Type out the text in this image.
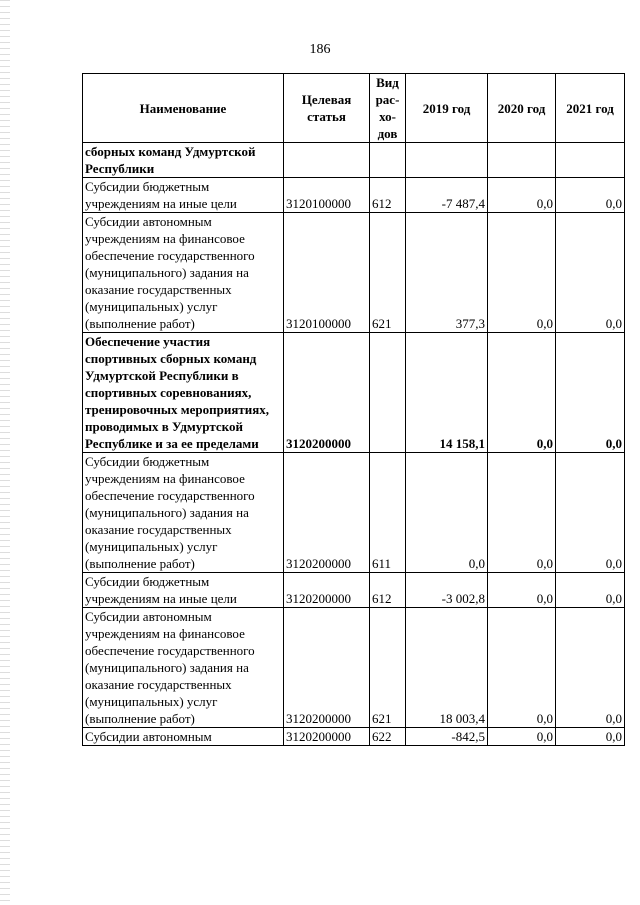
186
Наименование	Целевая статья	Вид рас-хо-дов	2019 год	2020 год	2021 год
сборных команд Удмуртской Республики					
Субсидии бюджетным учреждениям на иные цели	3120100000	612	-7 487,4	0,0	0,0
Субсидии автономным учреждениям на финансовое обеспечение государственного (муниципального) задания на оказание государственных (муниципальных) услуг (выполнение работ)	3120100000	621	377,3	0,0	0,0
Обеспечение участия спортивных сборных команд Удмуртской Республики в спортивных соревнованиях, тренировочных мероприятиях, проводимых в Удмуртской Республике и за ее пределами	3120200000		14 158,1	0,0	0,0
Субсидии бюджетным учреждениям на финансовое обеспечение государственного (муниципального) задания на оказание государственных (муниципальных) услуг (выполнение работ)	3120200000	611	0,0	0,0	0,0
Субсидии бюджетным учреждениям на иные цели	3120200000	612	-3 002,8	0,0	0,0
Субсидии автономным учреждениям на финансовое обеспечение государственного (муниципального) задания на оказание государственных (муниципальных) услуг (выполнение работ)	3120200000	621	18 003,4	0,0	0,0
Субсидии автономным	3120200000	622	-842,5	0,0	0,0
